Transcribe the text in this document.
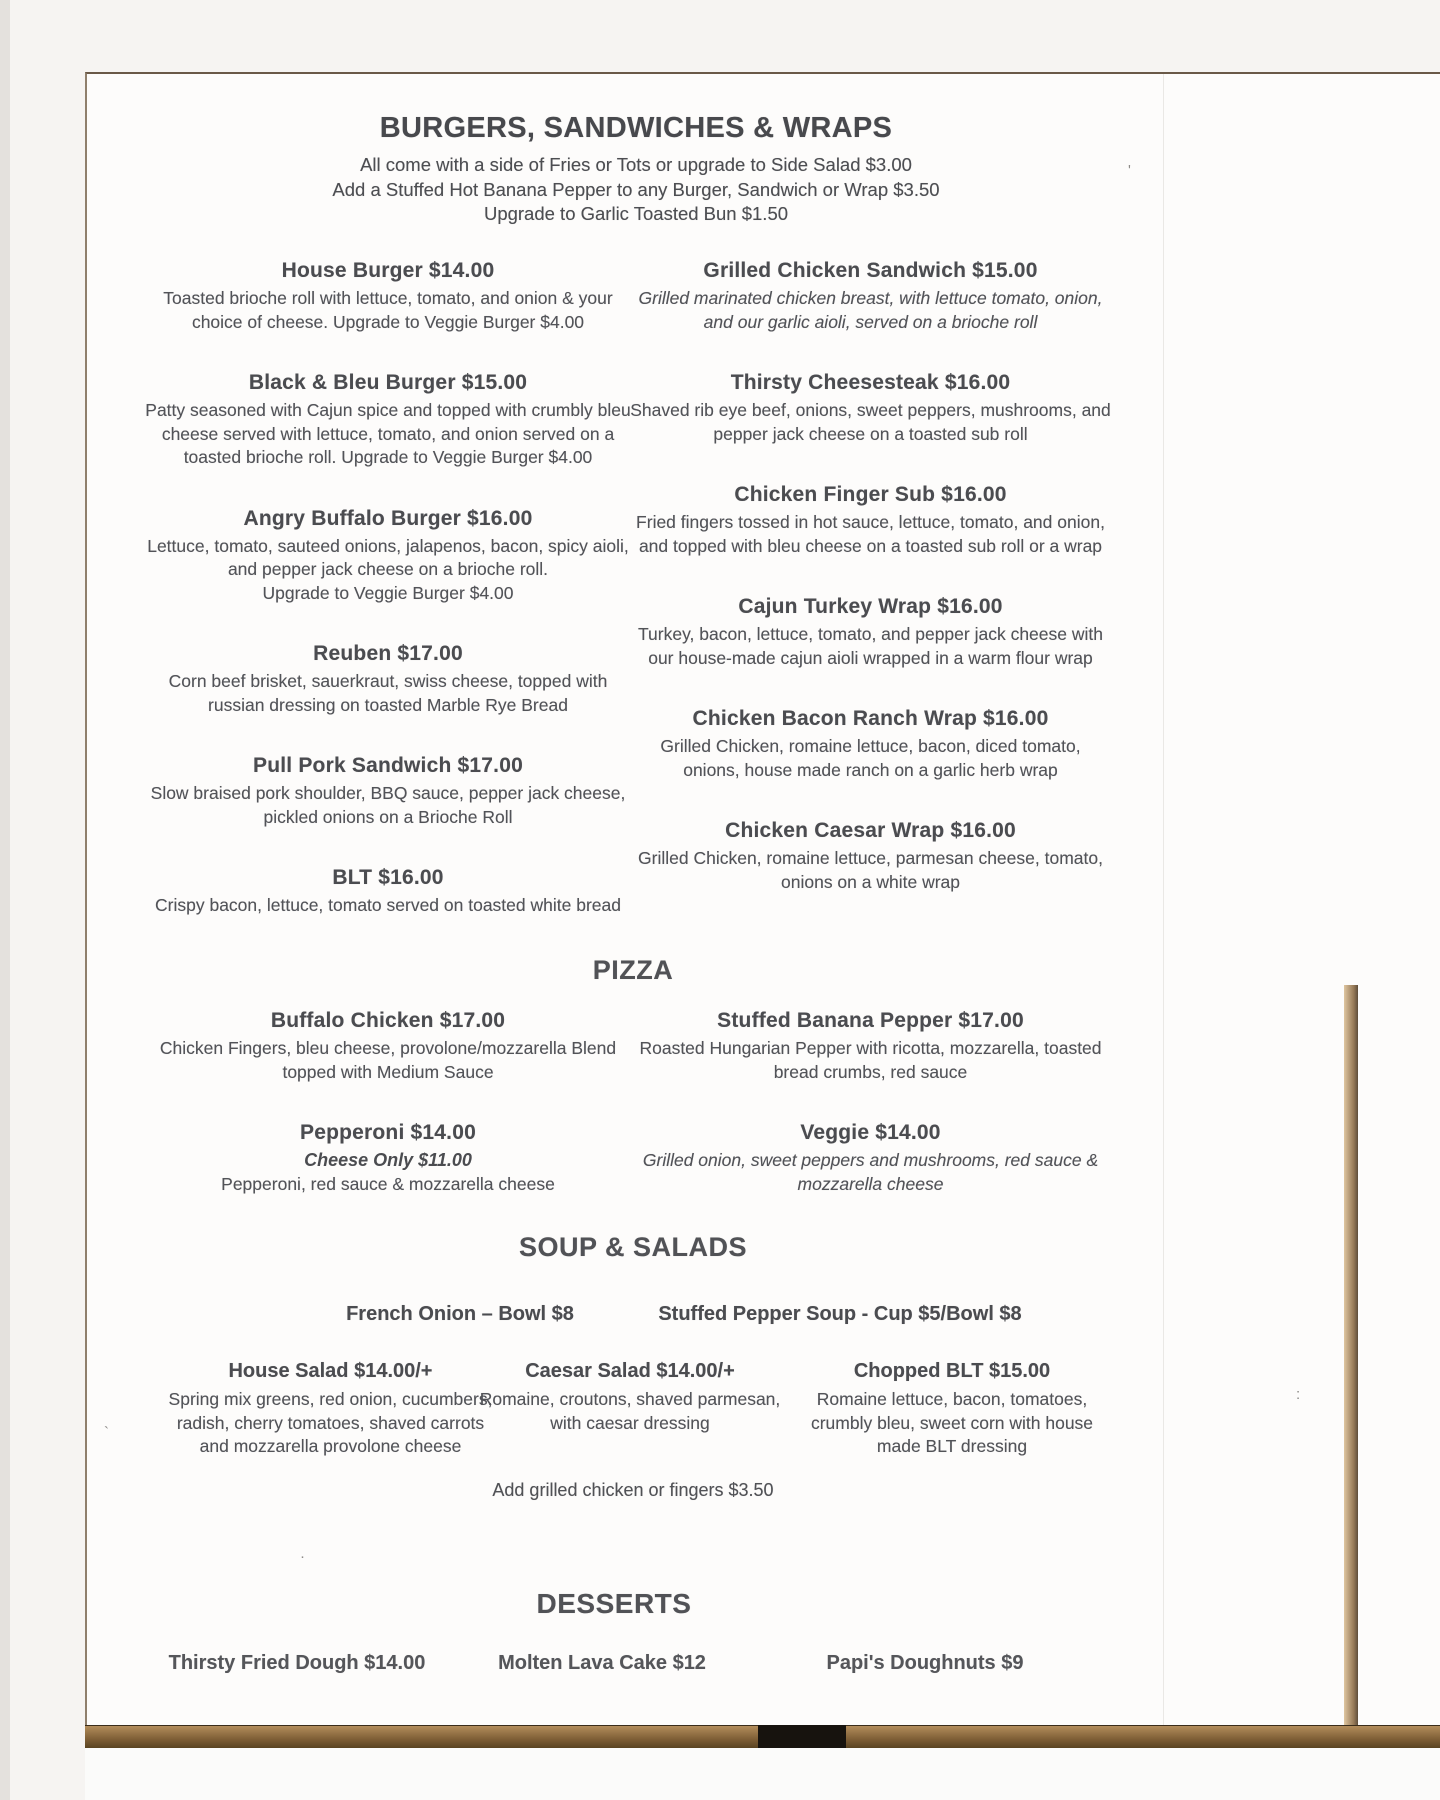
BURGERS, SANDWICHES & WRAPS
All come with a side of Fries or Tots or upgrade to Side Salad $3.00
Add a Stuffed Hot Banana Pepper to any Burger, Sandwich or Wrap $3.50
Upgrade to Garlic Toasted Bun $1.50
House Burger $14.00
Toasted brioche roll with lettuce, tomato, and onion & your
choice of cheese. Upgrade to Veggie Burger $4.00
Black & Bleu Burger $15.00
Patty seasoned with Cajun spice and topped with crumbly bleu
cheese served with lettuce, tomato, and onion served on a
toasted brioche roll. Upgrade to Veggie Burger $4.00
Angry Buffalo Burger $16.00
Lettuce, tomato, sauteed onions, jalapenos, bacon, spicy aioli,
and pepper jack cheese on a brioche roll.
Upgrade to Veggie Burger $4.00
Reuben $17.00
Corn beef brisket, sauerkraut, swiss cheese, topped with
russian dressing on toasted Marble Rye Bread
Pull Pork Sandwich $17.00
Slow braised pork shoulder, BBQ sauce, pepper jack cheese,
pickled onions on a Brioche Roll
BLT $16.00
Crispy bacon, lettuce, tomato served on toasted white bread
Grilled Chicken Sandwich $15.00
Grilled marinated chicken breast, with lettuce tomato, onion,
and our garlic aioli, served on a brioche roll
Thirsty Cheesesteak $16.00
Shaved rib eye beef, onions, sweet peppers, mushrooms, and
pepper jack cheese on a toasted sub roll
Chicken Finger Sub $16.00
Fried fingers tossed in hot sauce, lettuce, tomato, and onion,
and topped with bleu cheese on a toasted sub roll or a wrap
Cajun Turkey Wrap $16.00
Turkey, bacon, lettuce, tomato, and pepper jack cheese with
our house-made cajun aioli wrapped in a warm flour wrap
Chicken Bacon Ranch Wrap $16.00
Grilled Chicken, romaine lettuce, bacon, diced tomato,
onions, house made ranch on a garlic herb wrap
Chicken Caesar Wrap $16.00
Grilled Chicken, romaine lettuce, parmesan cheese, tomato,
onions on a white wrap
PIZZA
Buffalo Chicken $17.00
Chicken Fingers, bleu cheese, provolone/mozzarella Blend
topped with Medium Sauce
Pepperoni $14.00
Cheese Only $11.00
Pepperoni, red sauce & mozzarella cheese
Stuffed Banana Pepper $17.00
Roasted Hungarian Pepper with ricotta, mozzarella, toasted
bread crumbs, red sauce
Veggie $14.00
Grilled onion, sweet peppers and mushrooms, red sauce &
mozzarella cheese
SOUP & SALADS
French Onion – Bowl $8	Stuffed Pepper Soup - Cup $5/Bowl $8
House Salad $14.00/+
Spring mix greens, red onion, cucumbers,
radish, cherry tomatoes, shaved carrots
and mozzarella provolone cheese
Caesar Salad $14.00/+
Romaine, croutons, shaved parmesan,
with caesar dressing
Chopped BLT $15.00
Romaine lettuce, bacon, tomatoes,
crumbly bleu, sweet corn with house
made BLT dressing
Add grilled chicken or fingers $3.50
DESSERTS
Thirsty Fried Dough $14.00	Molten Lava Cake $12	Papi's Doughnuts $9
'
:
`
·
